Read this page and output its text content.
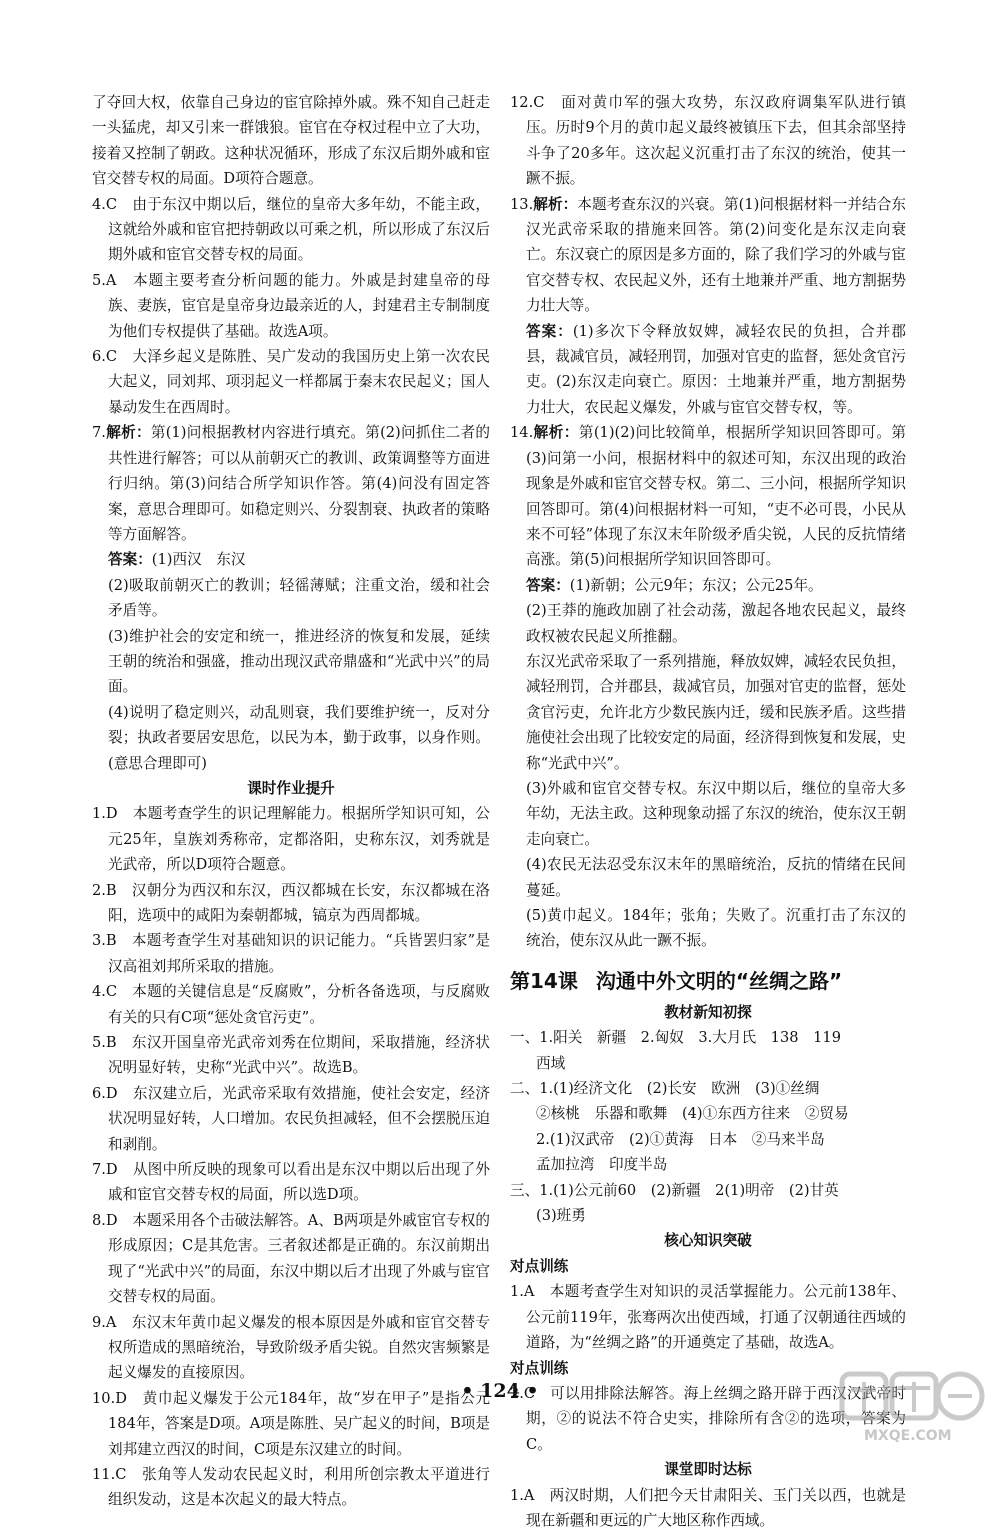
了夺回大权，依靠自己身边的宦官除掉外戚。殊不知自己赶走一头猛虎，却又引来一群饿狼。宦官在夺权过程中立了大功，接着又控制了朝政。这种状况循环，形成了东汉后期外戚和宦官交替专权的局面。D项符合题意。

4.C　由于东汉中期以后，继位的皇帝大多年幼，不能主政，这就给外戚和宦官把持朝政以可乘之机，所以形成了东汉后期外戚和宦官交替专权的局面。

5.A　本题主要考查分析问题的能力。外戚是封建皇帝的母族、妻族，宦官是皇帝身边最亲近的人，封建君主专制制度为他们专权提供了基础。故选A项。

6.C　大泽乡起义是陈胜、吴广发动的我国历史上第一次农民大起义，同刘邦、项羽起义一样都属于秦末农民起义；国人暴动发生在西周时。

7.解析：第(1)问根据教材内容进行填充。第(2)问抓住二者的共性进行解答；可以从前朝灭亡的教训、政策调整等方面进行归纳。第(3)问结合所学知识作答。第(4)问没有固定答案，意思合理即可。如稳定则兴、分裂割衰、执政者的策略等方面解答。

答案：(1)西汉　东汉

(2)吸取前朝灭亡的教训；轻徭薄赋；注重文治，缓和社会矛盾等。

(3)维护社会的安定和统一，推进经济的恢复和发展，延续王朝的统治和强盛，推动出现汉武帝鼎盛和“光武中兴”的局面。

(4)说明了稳定则兴，动乱则衰，我们要维护统一，反对分裂；执政者要居安思危，以民为本，勤于政事，以身作则。(意思合理即可)

课时作业提升

1.D　本题考查学生的识记理解能力。根据所学知识可知，公元25年，皇族刘秀称帝，定都洛阳，史称东汉，刘秀就是光武帝，所以D项符合题意。

2.B　汉朝分为西汉和东汉，西汉都城在长安，东汉都城在洛阳，选项中的咸阳为秦朝都城，镐京为西周都城。

3.B　本题考查学生对基础知识的识记能力。“兵皆罢归家”是汉高祖刘邦所采取的措施。

4.C　本题的关键信息是“反腐败”，分析各备选项，与反腐败有关的只有C项“惩处贪官污吏”。

5.B　东汉开国皇帝光武帝刘秀在位期间，采取措施，经济状况明显好转，史称“光武中兴”。故选B。

6.D　东汉建立后，光武帝采取有效措施，使社会安定，经济状况明显好转，人口增加。农民负担减轻，但不会摆脱压迫和剥削。

7.D　从图中所反映的现象可以看出是东汉中期以后出现了外戚和宦官交替专权的局面，所以选D项。

8.D　本题采用各个击破法解答。A、B两项是外戚宦官专权的形成原因；C是其危害。三者叙述都是正确的。东汉前期出现了“光武中兴”的局面，东汉中期以后才出现了外戚与宦官交替专权的局面。

9.A　东汉末年黄巾起义爆发的根本原因是外戚和宦官交替专权所造成的黑暗统治，导致阶级矛盾尖锐。自然灾害频繁是起义爆发的直接原因。

10.D　黄巾起义爆发于公元184年，故“岁在甲子”是指公元184年，答案是D项。A项是陈胜、吴广起义的时间，B项是刘邦建立西汉的时间，C项是东汉建立的时间。

11.C　张角等人发动农民起义时，利用所创宗教太平道进行组织发动，这是本次起义的最大特点。

12.C　面对黄巾军的强大攻势，东汉政府调集军队进行镇压。历时9个月的黄巾起义最终被镇压下去，但其余部坚持斗争了20多年。这次起义沉重打击了东汉的统治，使其一蹶不振。

13.解析：本题考查东汉的兴衰。第(1)问根据材料一并结合东汉光武帝采取的措施来回答。第(2)问变化是东汉走向衰亡。东汉衰亡的原因是多方面的，除了我们学习的外戚与宦官交替专权、农民起义外，还有土地兼并严重、地方割据势力壮大等。

答案：(1)多次下令释放奴婢，减轻农民的负担，合并郡县，裁减官员，减轻刑罚，加强对官吏的监督，惩处贪官污吏。(2)东汉走向衰亡。原因：土地兼并严重，地方割据势力壮大，农民起义爆发，外戚与宦官交替专权，等。

14.解析：第(1)(2)问比较简单，根据所学知识回答即可。第(3)问第一小问，根据材料中的叙述可知，东汉出现的政治现象是外戚和宦官交替专权。第二、三小问，根据所学知识回答即可。第(4)问根据材料一可知，“吏不必可畏，小民从来不可轻”体现了东汉末年阶级矛盾尖锐，人民的反抗情绪高涨。第(5)问根据所学知识回答即可。

答案：(1)新朝；公元9年；东汉；公元25年。

(2)王莽的施政加剧了社会动荡，激起各地农民起义，最终政权被农民起义所推翻。

东汉光武帝采取了一系列措施，释放奴婢，减轻农民负担，减轻刑罚，合并郡县，裁减官员，加强对官吏的监督，惩处贪官污吏，允许北方少数民族内迁，缓和民族矛盾。这些措施使社会出现了比较安定的局面，经济得到恢复和发展，史称“光武中兴”。

(3)外戚和宦官交替专权。东汉中期以后，继位的皇帝大多年幼，无法主政。这种现象动摇了东汉的统治，使东汉王朝走向衰亡。

(4)农民无法忍受东汉末年的黑暗统治，反抗的情绪在民间蔓延。

(5)黄巾起义。184年；张角；失败了。沉重打击了东汉的统治，使东汉从此一蹶不振。

第14课 沟通中外文明的“丝绸之路”

教材新知初探

一、1.阳关　新疆　2.匈奴　3.大月氏　138　119

西域

二、1.(1)经济文化　(2)长安　欧洲　(3)①丝绸

②核桃　乐器和歌舞　(4)①东西方往来　②贸易

2.(1)汉武帝　(2)①黄海　日本　②马来半岛

孟加拉湾　印度半岛

三、1.(1)公元前60　(2)新疆　2(1)明帝　(2)甘英

(3)班勇

核心知识突破

对点训练

1.A　本题考查学生对知识的灵活掌握能力。公元前138年、公元前119年，张骞两次出使西域，打通了汉朝通往西域的道路，为“丝绸之路”的开通奠定了基础，故选A。

对点训练

2.C　可以用排除法解答。海上丝绸之路开辟于西汉汉武帝时期，②的说法不符合史实，排除所有含②的选项，答案为C。

课堂即时达标

1.A　两汉时期，人们把今天甘肃阳关、玉门关以西，也就是现在新疆和更远的广大地区称作西域。

• 124 •
MXQE.COM
